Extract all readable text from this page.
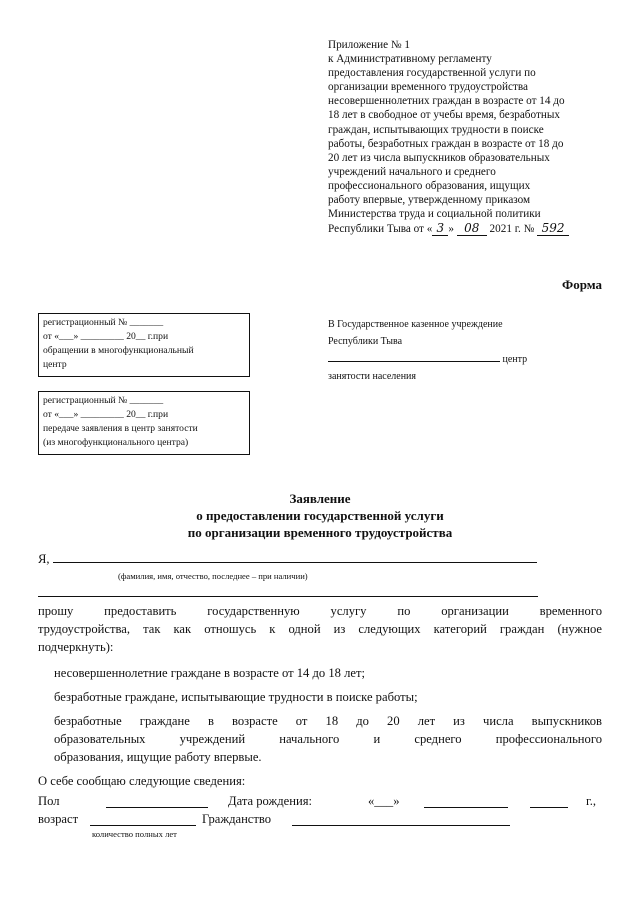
Приложение № 1
к Административному регламенту
предоставления государственной услуги по
организации временного трудоустройства
несовершеннолетних граждан в возрасте от 14 до
18 лет в свободное от учебы время, безработных
граждан, испытывающих трудности в поиске
работы, безработных граждан в возрасте от 18 до
20 лет из числа выпускников образовательных
учреждений начального и среднего
профессионального образования, ищущих
работу впервые, утвержденному приказом
Министерства труда и социальной политики
Республики Тыва от « 3 » 08 2021 г. № 592
Форма
регистрационный № _______
от «___» _________ 20__ г.при
обращении в многофункциональный
центр
регистрационный № _______
от «___» _________ 20__ г.при
передаче заявления в центр занятости
(из многофункционального центра)
В Государственное казенное учреждение
Республики Тыва
центр
занятости населения
Заявление
о предоставлении государственной услуги
по организации временного трудоустройства
Я,
(фамилия, имя, отчество, последнее – при наличии)
прошу предоставить государственную услугу по организации временного
трудоустройства, так как отношусь к одной из следующих категорий граждан (нужное
подчеркнуть):
несовершеннолетние граждане в возрасте от 14 до 18 лет;
безработные граждане, испытывающие трудности в поиске работы;
безработные граждане в возрасте от 18 до 20 лет из числа выпускников
образовательных учреждений начального и среднего профессионального
образования, ищущие работу впервые.
О себе сообщаю следующие сведения:
Пол	Дата рождения:	«___»	г.,
возраст	Гражданство
количество полных лет
